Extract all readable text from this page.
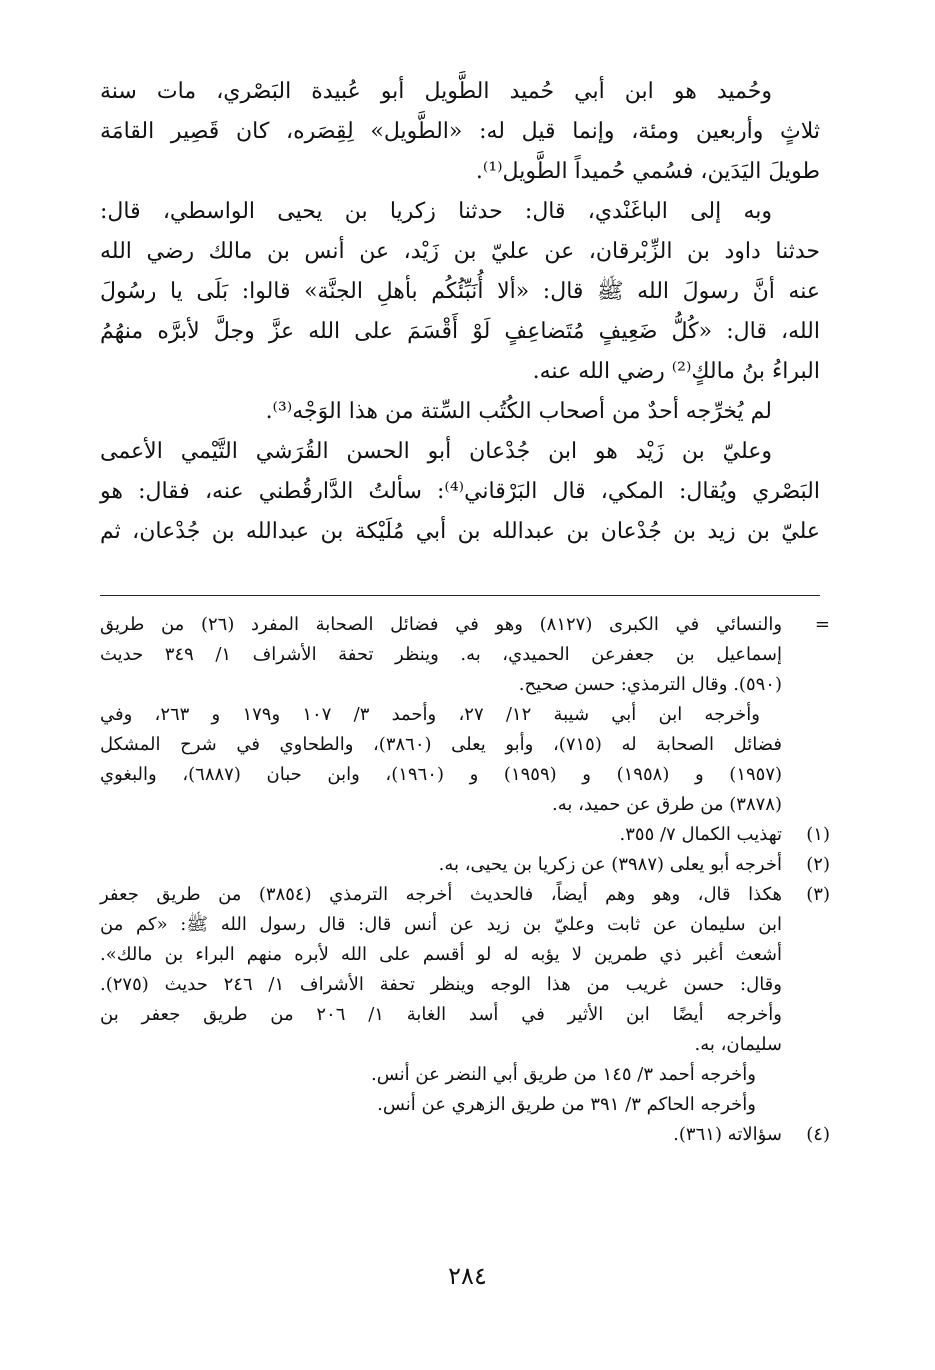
وحُميد هو ابن أبي حُميد الطَّويل أبو عُبيدة البَصْري، مات سنة
ثلاثٍ وأربعين ومئة، وإنما قيل له: «الطَّويل» لِقِصَره، كان قَصِير القامَة
طويلَ اليَدَين، فسُمي حُميداً الطَّويل⁽¹⁾.

وبه إلى الباغَنْدي، قال: حدثنا زكريا بن يحيى الواسطي، قال:
حدثنا داود بن الزِّبْرقان، عن عليّ بن زَيْد، عن أنس بن مالك رضي الله
عنه أنَّ رسولَ الله ﷺ قال: «ألا أُنَبِّئُكُم بأهلِ الجنَّة» قالوا: بَلَى يا رسُولَ
الله، قال: «كُلُّ ضَعِيفٍ مُتَضاعِفٍ لَوْ أَقْسَمَ على الله عزَّ وجلَّ لأبرَّه منهُمُ
البراءُ بنُ مالكٍ⁽²⁾ رضي الله عنه.

لم يُخرِّجه أحدٌ من أصحاب الكُتُب السِّتة من هذا الوَجْه⁽³⁾.

وعليّ بن زَيْد هو ابن جُدْعان أبو الحسن القُرَشي التَّيْمي الأعمى
البَصْري ويُقال: المكي، قال البَرْقاني⁽⁴⁾: سألتُ الدَّارقُطني عنه، فقال: هو
عليّ بن زيد بن جُدْعان بن عبدالله بن أبي مُلَيْكة بن عبدالله بن جُدْعان، ثم

=
والنسائي في الكبرى (٨١٢٧) وهو في فضائل الصحابة المفرد (٢٦) من طريق
إسماعيل بن جعفرعن الحميدي، به. وينظر تحفة الأشراف ١/ ٣٤٩ حديث
(٥٩٠). وقال الترمذي: حسن صحيح.
وأخرجه ابن أبي شيبة ١٢/ ٢٧، وأحمد ٣/ ١٠٧ و١٧٩ و ٢٦٣، وفي
فضائل الصحابة له (٧١٥)، وأبو يعلى (٣٨٦٠)، والطحاوي في شرح المشكل
(١٩٥٧) و (١٩٥٨) و (١٩٥٩) و (١٩٦٠)، وابن حبان (٦٨٨٧)، والبغوي
(٣٨٧٨) من طرق عن حميد، به.
(١)
تهذيب الكمال ٧/ ٣٥٥.
(٢)
أخرجه أبو يعلى (٣٩٨٧) عن زكريا بن يحيى، به.
(٣)
هكذا قال، وهو وهم أيضاً، فالحديث أخرجه الترمذي (٣٨٥٤) من طريق جعفر
ابن سليمان عن ثابت وعليّ بن زيد عن أنس قال: قال رسول الله ﷺ: «كم من
أشعث أغبر ذي طمرين لا يؤبه له لو أقسم على الله لأبره منهم البراء بن مالك».
وقال: حسن غريب من هذا الوجه وينظر تحفة الأشراف ١/ ٢٤٦ حديث (٢٧٥).
وأخرجه أيضًا ابن الأثير في أسد الغابة ١/ ٢٠٦ من طريق جعفر بن
سليمان، به.
وأخرجه أحمد ٣/ ١٤٥ من طريق أبي النضر عن أنس.
وأخرجه الحاكم ٣/ ٣٩١ من طريق الزهري عن أنس.
(٤)
سؤالاته (٣٦١).
٢٨٤
